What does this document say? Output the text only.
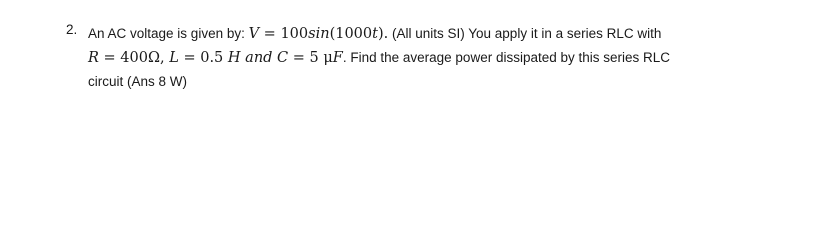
2. An AC voltage is given by: V = 100sin(1000t). (All units SI) You apply it in a series RLC with
R = 400Ω, L = 0.5 H and C = 5 μF. Find the average power dissipated by this series RLC
circuit (Ans 8 W)
